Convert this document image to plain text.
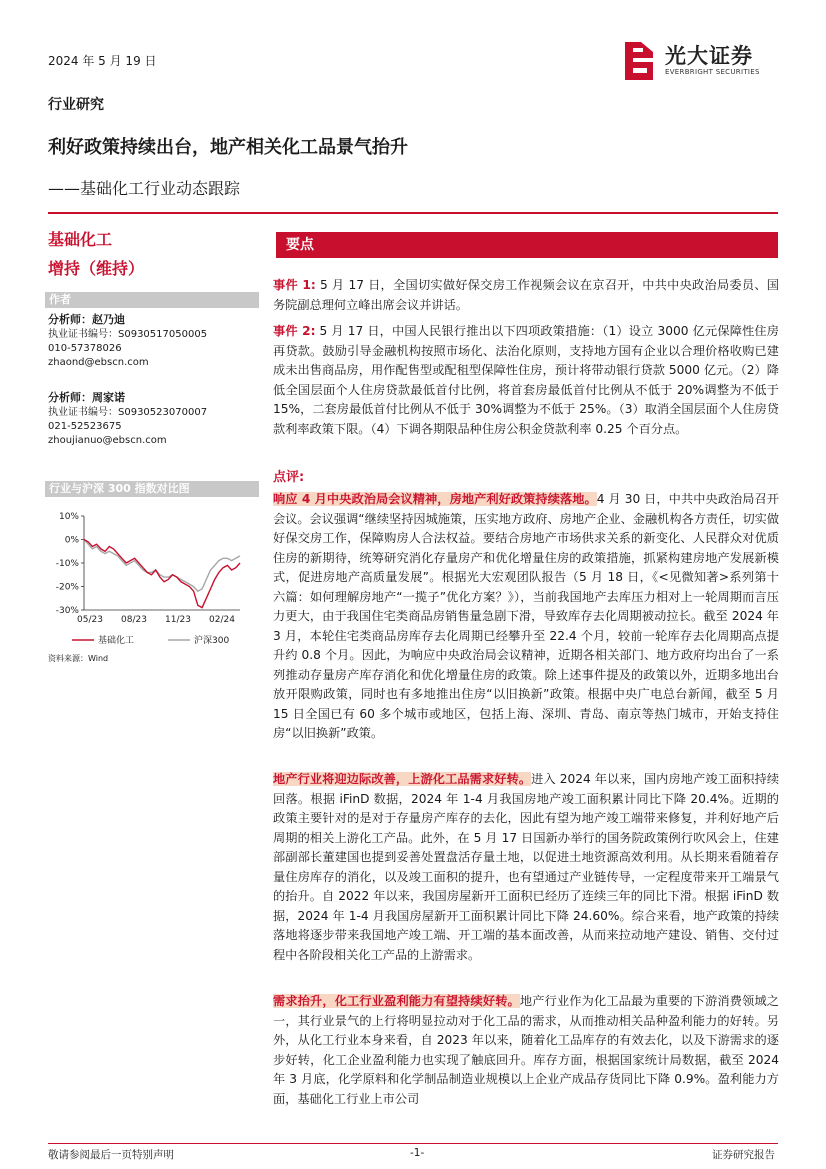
2024 年 5 月 19 日	光大证券
EVERBRIGHT SECURITIES
行业研究
利好政策持续出台，地产相关化工品景气抬升
——基础化工行业动态跟踪
基础化工
增持（维持）
作者
分析师：赵乃迪
执业证书编号：S0930517050005
010-57378026
zhaond@ebscn.com
分析师：周家诺
执业证书编号：S0930523070007
021-52523675
zhoujianuo@ebscn.com
行业与沪深 300 指数对比图
10%
0%
-10%
-20%
-30%
05/23 08/23 11/23 02/24
基础化工	沪深300
资料来源：Wind
要点

事件 1: 5 月 17 日，全国切实做好保交房工作视频会议在京召开，中共中央政治局委员、国务院副总理何立峰出席会议并讲话。

事件 2: 5 月 17 日，中国人民银行推出以下四项政策措施：（1）设立 3000 亿元保障性住房再贷款。鼓励引导金融机构按照市场化、法治化原则，支持地方国有企业以合理价格收购已建成未出售商品房，用作配售型或配租型保障性住房，预计将带动银行贷款 5000 亿元。（2）降低全国层面个人住房贷款最低首付比例，将首套房最低首付比例从不低于 20%调整为不低于 15%，二套房最低首付比例从不低于 30%调整为不低于 25%。（3）取消全国层面个人住房贷款利率政策下限。（4）下调各期限品种住房公积金贷款利率 0.25 个百分点。

点评:

响应 4 月中央政治局会议精神，房地产利好政策持续落地。4 月 30 日，中共中央政治局召开会议。会议强调“继续坚持因城施策，压实地方政府、房地产企业、金融机构各方责任，切实做好保交房工作，保障购房人合法权益。要结合房地产市场供求关系的新变化、人民群众对优质住房的新期待，统筹研究消化存量房产和优化增量住房的政策措施，抓紧构建房地产发展新模式，促进房地产高质量发展”。根据光大宏观团队报告（5 月 18 日，《<见微知著>系列第十六篇：如何理解房地产“一揽子”优化方案？》），当前我国地产去库压力相对上一轮周期而言压力更大，由于我国住宅类商品房销售量急剧下滑，导致库存去化周期被动拉长。截至 2024 年 3 月，本轮住宅类商品房库存去化周期已经攀升至 22.4 个月，较前一轮库存去化周期高点提升约 0.8 个月。因此，为响应中央政治局会议精神，近期各相关部门、地方政府均出台了一系列推动存量房产库存消化和优化增量住房的政策。除上述事件提及的政策以外，近期多地出台放开限购政策，同时也有多地推出住房“以旧换新”政策。根据中央广电总台新闻，截至 5 月 15 日全国已有 60 多个城市或地区，包括上海、深圳、青岛、南京等热门城市，开始支持住房“以旧换新”政策。

地产行业将迎边际改善，上游化工品需求好转。进入 2024 年以来，国内房地产竣工面积持续回落。根据 iFinD 数据，2024 年 1-4 月我国房地产竣工面积累计同比下降 20.4%。近期的政策主要针对的是对于存量房产库存的去化，因此有望为地产竣工端带来修复，并利好地产后周期的相关上游化工产品。此外，在 5 月 17 日国新办举行的国务院政策例行吹风会上，住建部副部长董建国也提到妥善处置盘活存量土地，以促进土地资源高效利用。从长期来看随着存量住房库存的消化，以及竣工面积的提升，也有望通过产业链传导，一定程度带来开工端景气的抬升。自 2022 年以来，我国房屋新开工面积已经历了连续三年的同比下滑。根据 iFinD 数据，2024 年 1-4 月我国房屋新开工面积累计同比下降 24.60%。综合来看，地产政策的持续落地将逐步带来我国地产竣工端、开工端的基本面改善，从而来拉动地产建设、销售、交付过程中各阶段相关化工产品的上游需求。

需求抬升，化工行业盈利能力有望持续好转。地产行业作为化工品最为重要的下游消费领域之一，其行业景气的上行将明显拉动对于化工品的需求，从而推动相关品种盈利能力的好转。另外，从化工行业本身来看，自 2023 年以来，随着化工品库存的有效去化，以及下游需求的逐步好转，化工企业盈利能力也实现了触底回升。库存方面，根据国家统计局数据，截至 2024 年 3 月底，化学原料和化学制品制造业规模以上企业产成品存货同比下降 0.9%。盈利能力方面，基础化工行业上市公司

敬请参阅最后一页特别声明	-1-	证券研究报告
